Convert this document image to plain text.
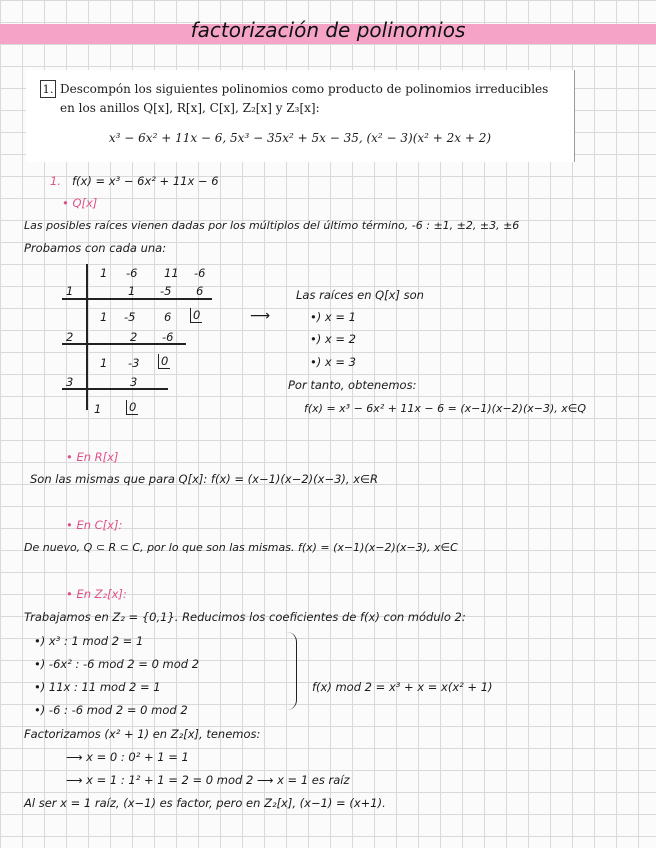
factorización de polinomios
1. Descompón los siguientes polinomios como producto de polinomios irreducibles en los anillos Q[x], R[x], C[x], Z₂[x] y Z₃[x]:
x³ − 6x² + 11x − 6, 5x³ − 35x² + 5x − 35, (x² − 3)(x² + 2x + 2)
1. f(x) = x³ − 6x² + 11x − 6
• Q[x]
Las posibles raíces vienen dadas por los múltiplos del último término, -6 : ±1, ±2, ±3, ±6
Probamos con cada una:
1 -6 11 -6
1	1 -5 6
1 -5 6 0
2	2 -6
1 -3 0
3	3
1 0
⟶
Las raíces en Q[x] son
•) x = 1
•) x = 2
•) x = 3
Por tanto, obtenemos:
f(x) = x³ − 6x² + 11x − 6 = (x−1)(x−2)(x−3), x∈Q
• En R[x]
Son las mismas que para Q[x]: f(x) = (x−1)(x−2)(x−3), x∈R
• En C[x]:
De nuevo, Q ⊂ R ⊂ C, por lo que son las mismas. f(x) = (x−1)(x−2)(x−3), x∈C
• En Z₂[x]:
Trabajamos en Z₂ = {0,1}. Reducimos los coeficientes de f(x) con módulo 2:
•) x³ : 1 mod 2 = 1
•) -6x² : -6 mod 2 = 0 mod 2
•) 11x : 11 mod 2 = 1
•) -6 : -6 mod 2 = 0 mod 2
f(x) mod 2 = x³ + x = x(x² + 1)
Factorizamos (x² + 1) en Z₂[x], tenemos:
⟶ x = 0 : 0² + 1 = 1
⟶ x = 1 : 1² + 1 = 2 = 0 mod 2 ⟶ x = 1 es raíz
Al ser x = 1 raíz, (x−1) es factor, pero en Z₂[x], (x−1) = (x+1).
